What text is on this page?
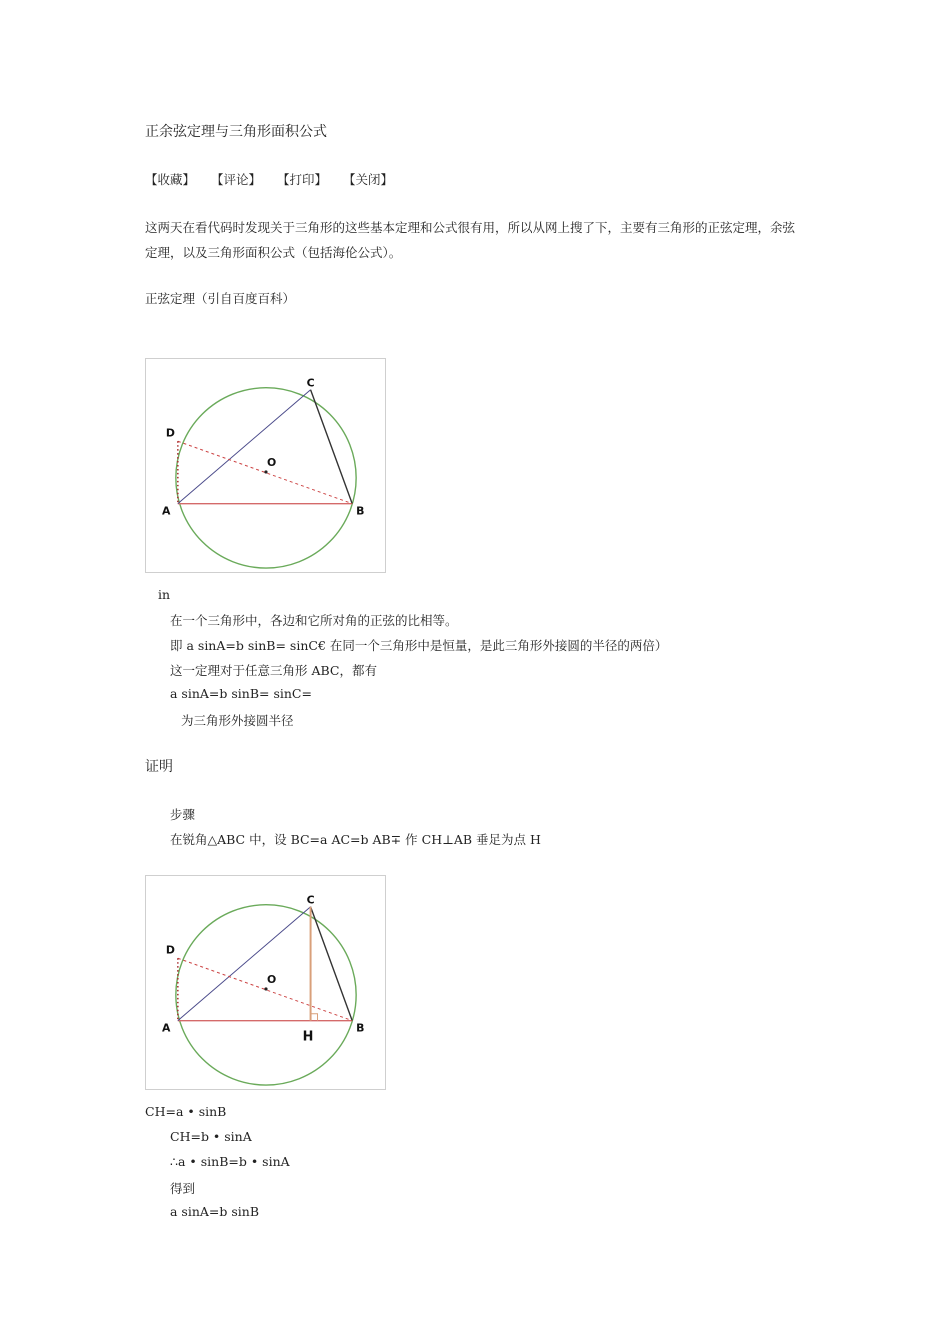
正余弦定理与三角形面积公式
【收藏】 【评论】 【打印】 【关闭】
这两天在看代码时发现关于三角形的这些基本定理和公式很有用，所以从网上搜了下，主要有三角形的正弦定理，余弦
定理，以及三角形面积公式（包括海伦公式）。
正弦定理（引自百度百科）
C
D
O
A	B
in
在一个三角形中，各边和它所对角的正弦的比相等。
即 a sinA=b sinB= sinC€ 在同一个三角形中是恒量，是此三角形外接圆的半径的两倍）
这一定理对于任意三角形 ABC，都有
a sinA=b sinB= sinC=
为三角形外接圆半径
证明
步骤
在锐角△ABC 中，设 BC=a AC=b AB∓ 作 CH⊥AB 垂足为点 H
C
D
O
A	B
H
CH=a • sinB
CH=b • sinA
∴a • sinB=b • sinA
得到
a sinA=b sinB
